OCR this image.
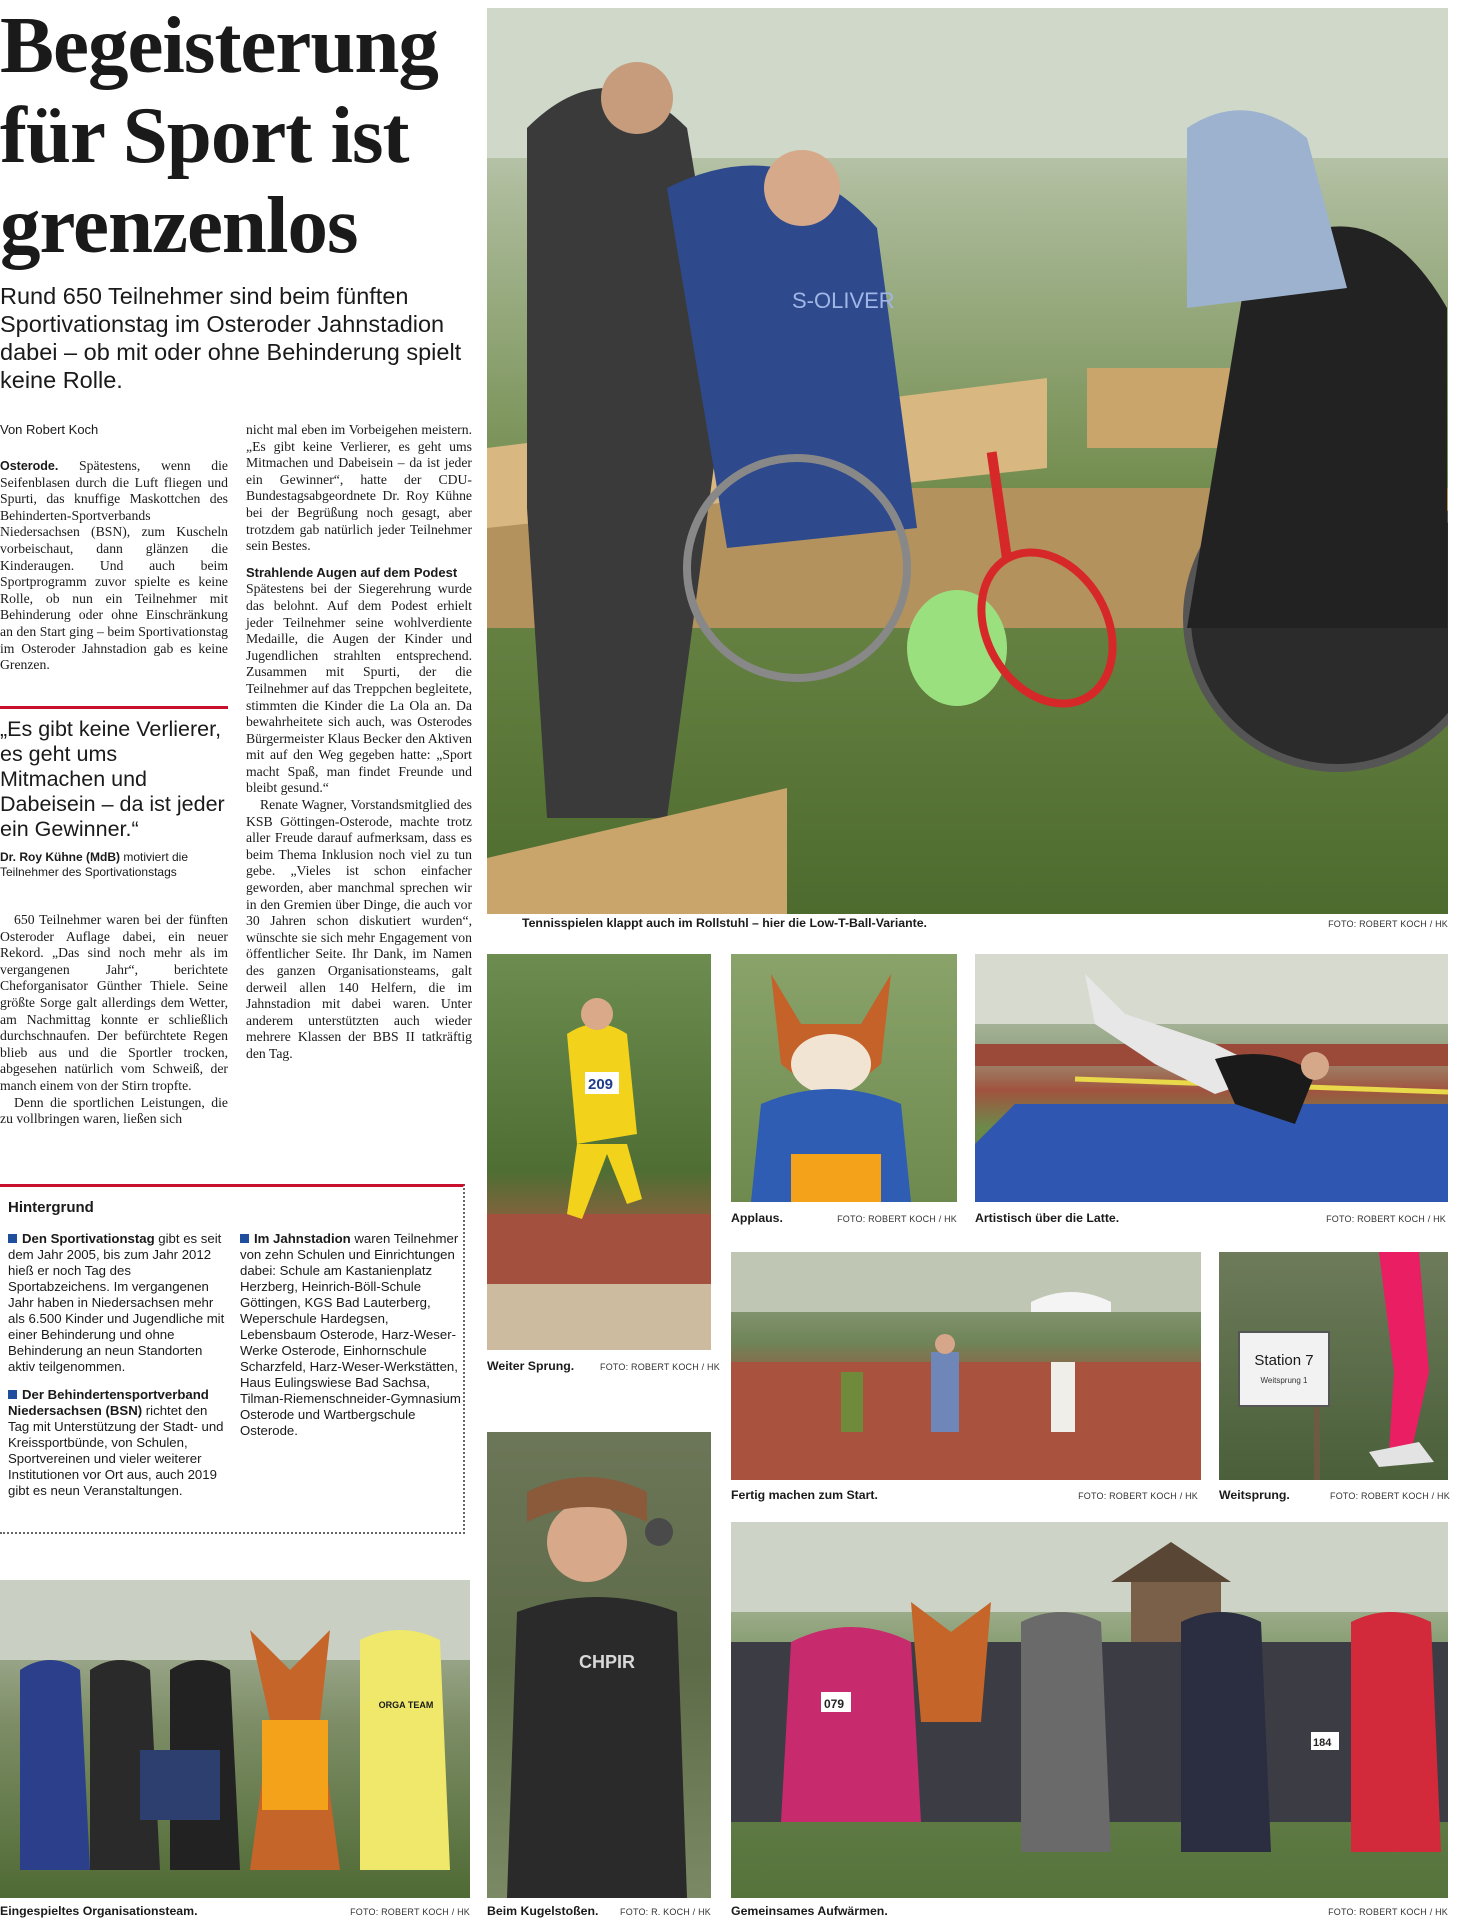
Begeisterung
für Sport ist
grenzenlos

Rund 650 Teilnehmer sind beim fünften Sportivationstag im Osteroder Jahnstadion dabei – ob mit oder ohne Behinderung spielt keine Rolle.

Von Robert Koch

Osterode. Spätestens, wenn die Seifenblasen durch die Luft fliegen und Spurti, das knuffige Maskottchen des Behinderten-Sportverbands Niedersachsen (BSN), zum Kuscheln vorbeischaut, dann glänzen die Kinderaugen. Und auch beim Sportprogramm zuvor spielte es keine Rolle, ob nun ein Teilnehmer mit Behinderung oder ohne Einschränkung an den Start ging – beim Sportivationstag im Osteroder Jahnstadion gab es keine Grenzen.

„Es gibt keine Verlierer, es geht ums Mitmachen und Dabeisein – da ist jeder ein Gewinner.“
Dr. Roy Kühne (MdB) motiviert die Teilnehmer des Sportivationstags

650 Teilnehmer waren bei der fünften Osteroder Auflage dabei, ein neuer Rekord. „Das sind noch mehr als im vergangenen Jahr“, berichtete Cheforganisator Günther Thiele. Seine größte Sorge galt allerdings dem Wetter, am Nachmittag konnte er schließlich durchschnaufen. Der befürchtete Regen blieb aus und die Sportler trocken, abgesehen natürlich vom Schweiß, der manch einem von der Stirn tropfte.

Denn die sportlichen Leistungen, die zu vollbringen waren, ließen sich

nicht mal eben im Vorbeigehen meistern. „Es gibt keine Verlierer, es geht ums Mitmachen und Dabeisein – da ist jeder ein Gewinner“, hatte der CDU-Bundestagsabgeordnete Dr. Roy Kühne bei der Begrüßung noch gesagt, aber trotzdem gab natürlich jeder Teilnehmer sein Bestes.

Strahlende Augen auf dem Podest

Spätestens bei der Siegerehrung wurde das belohnt. Auf dem Podest erhielt jeder Teilnehmer seine wohlverdiente Medaille, die Augen der Kinder und Jugendlichen strahlten entsprechend. Zusammen mit Spurti, der die Teilnehmer auf das Treppchen begleitete, stimmten die Kinder die La Ola an. Da bewahrheitete sich auch, was Osterodes Bürgermeister Klaus Becker den Aktiven mit auf den Weg gegeben hatte: „Sport macht Spaß, man findet Freunde und bleibt gesund.“

Renate Wagner, Vorstandsmitglied des KSB Göttingen-Osterode, machte trotz aller Freude darauf aufmerksam, dass es beim Thema Inklusion noch viel zu tun gebe. „Vieles ist schon einfacher geworden, aber manchmal sprechen wir in den Gremien über Dinge, die auch vor 30 Jahren schon diskutiert wurden“, wünschte sie sich mehr Engagement von öffentlicher Seite. Ihr Dank, im Namen des ganzen Organisationsteams, galt derweil allen 140 Helfern, die im Jahnstadion mit dabei waren. Unter anderem unterstützten auch wieder mehrere Klassen der BBS II tatkräftig den Tag.

Hintergrund

Den Sportivationstag gibt es seit dem Jahr 2005, bis zum Jahr 2012 hieß er noch Tag des Sportabzeichens. Im vergangenen Jahr haben in Niedersachsen mehr als 6.500 Kinder und Jugendliche mit einer Behinderung und ohne Behinderung an neun Standorten aktiv teilgenommen.

Der Behindertensportverband Niedersachsen (BSN) richtet den Tag mit Unterstützung der Stadt- und Kreissportbünde, von Schulen, Sportvereinen und vieler weiterer Institutionen vor Ort aus, auch 2019 gibt es neun Veranstaltungen.

Im Jahnstadion waren Teilnehmer von zehn Schulen und Einrichtungen dabei: Schule am Kastanienplatz Herzberg, Heinrich-Böll-Schule Göttingen, KGS Bad Lauterberg, Weperschule Hardegsen, Lebensbaum Osterode, Harz-Weser-Werke Osterode, Einhornschule Scharzfeld, Harz-Weser-Werkstätten, Haus Eulingswiese Bad Sachsa, Tilman-Riemenschneider-Gymnasium Osterode und Wartbergschule Osterode.

S-OLIVER
Tennisspielen klappt auch im Rollstuhl – hier die Low-T-Ball-Variante.	FOTO: ROBERT KOCH / HK
209
Weiter Sprung.	FOTO: ROBERT KOCH / HK
Applaus.	FOTO: ROBERT KOCH / HK Artistisch über die Latte.	FOTO: ROBERT KOCH / HK
Fertig machen zum Start.	FOTO: ROBERT KOCH / HK
Station 7
Weitsprung 1
Weitsprung.	FOTO: ROBERT KOCH / HK
ORGA TEAM
Eingespieltes Organisationsteam.	FOTO: ROBERT KOCH / HK
CHPIR
Beim Kugelstoßen.	FOTO: R. KOCH / HK
079
184
Gemeinsames Aufwärmen.	FOTO: ROBERT KOCH / HK
